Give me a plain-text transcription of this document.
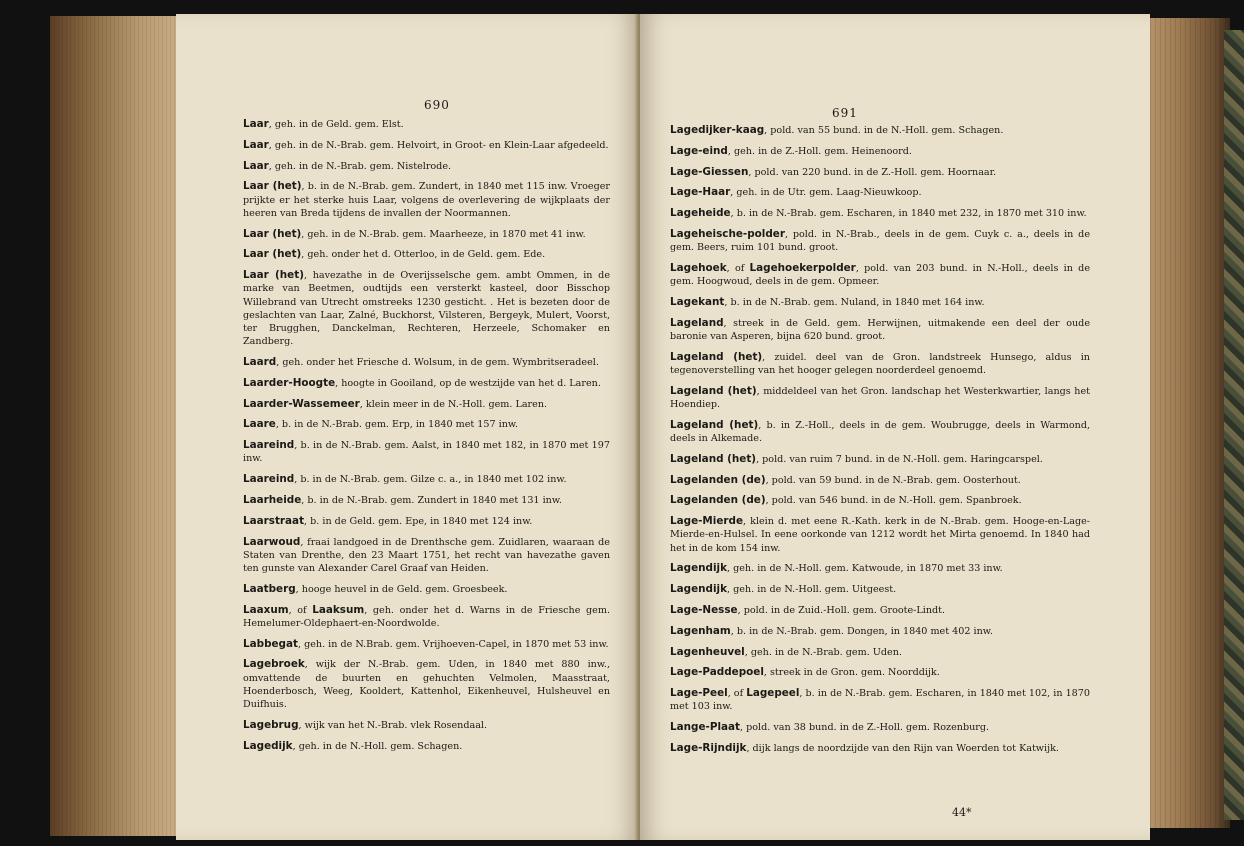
690

Laar, geh. in de Geld. gem. Elst.

Laar, geh. in de N.-Brab. gem. Helvoirt, in Groot- en Klein-Laar afgedeeld.

Laar, geh. in de N.-Brab. gem. Nistelrode.

Laar (het), b. in de N.-Brab. gem. Zundert, in 1840 met 115 inw. Vroeger prijkte er het sterke huis Laar, volgens de overlevering de wijkplaats der heeren van Breda tijdens de invallen der Noormannen.

Laar (het), geh. in de N.-Brab. gem. Maarheeze, in 1870 met 41 inw.

Laar (het), geh. onder het d. Otterloo, in de Geld. gem. Ede.

Laar (het), havezathe in de Overijsselsche gem. ambt Ommen, in de marke van Beetmen, oudtijds een versterkt kasteel, door Bisschop Willebrand van Utrecht omstreeks 1230 gesticht. . Het is bezeten door de geslachten van Laar, Zalné, Buckhorst, Vilsteren, Bergeyk, Mulert, Voorst, ter Brugghen, Danckelman, Rechteren, Herzeele, Schomaker en Zandberg.

Laard, geh. onder het Friesche d. Wolsum, in de gem. Wymbritseradeel.

Laarder-Hoogte, hoogte in Gooiland, op de westzijde van het d. Laren.

Laarder-Wassemeer, klein meer in de N.-Holl. gem. Laren.

Laare, b. in de N.-Brab. gem. Erp, in 1840 met 157 inw.

Laareind, b. in de N.-Brab. gem. Aalst, in 1840 met 182, in 1870 met 197 inw.

Laareind, b. in de N.-Brab. gem. Gilze c. a., in 1840 met 102 inw.

Laarheide, b. in de N.-Brab. gem. Zundert in 1840 met 131 inw.

Laarstraat, b. in de Geld. gem. Epe, in 1840 met 124 inw.

Laarwoud, fraai landgoed in de Drenthsche gem. Zuidlaren, waaraan de Staten van Drenthe, den 23 Maart 1751, het recht van havezathe gaven ten gunste van Alexander Carel Graaf van Heiden.

Laatberg, hooge heuvel in de Geld. gem. Groesbeek.

Laaxum, of Laaksum, geh. onder het d. Warns in de Friesche gem. Hemelumer-Oldephaert-en-Noordwolde.

Labbegat, geh. in de N.Brab. gem. Vrijhoeven-Capel, in 1870 met 53 inw.

Lagebroek, wijk der N.-Brab. gem. Uden, in 1840 met 880 inw., omvattende de buurten en gehuchten Velmolen, Maasstraat, Hoenderbosch, Weeg, Kooldert, Kattenhol, Eikenheuvel, Hulsheuvel en Duifhuis.

Lagebrug, wijk van het N.-Brab. vlek Rosendaal.

Lagedijk, geh. in de N.-Holl. gem. Schagen.

691

Lagedijker-kaag, pold. van 55 bund. in de N.-Holl. gem. Schagen.

Lage-eind, geh. in de Z.-Holl. gem. Heinenoord.

Lage-Giessen, pold. van 220 bund. in de Z.-Holl. gem. Hoornaar.

Lage-Haar, geh. in de Utr. gem. Laag-Nieuwkoop.

Lageheide, b. in de N.-Brab. gem. Escharen, in 1840 met 232, in 1870 met 310 inw.

Lageheische-polder, pold. in N.-Brab., deels in de gem. Cuyk c. a., deels in de gem. Beers, ruim 101 bund. groot.

Lagehoek, of Lagehoekerpolder, pold. van 203 bund. in N.-Holl., deels in de gem. Hoogwoud, deels in de gem. Opmeer.

Lagekant, b. in de N.-Brab. gem. Nuland, in 1840 met 164 inw.

Lageland, streek in de Geld. gem. Herwijnen, uitmakende een deel der oude baronie van Asperen, bijna 620 bund. groot.

Lageland (het), zuidel. deel van de Gron. landstreek Hunsego, aldus in tegenoverstelling van het hooger gelegen noorderdeel genoemd.

Lageland (het), middeldeel van het Gron. landschap het Westerkwartier, langs het Hoendiep.

Lageland (het), b. in Z.-Holl., deels in de gem. Woubrugge, deels in Warmond, deels in Alkemade.

Lageland (het), pold. van ruim 7 bund. in de N.-Holl. gem. Haringcarspel.

Lagelanden (de), pold. van 59 bund. in de N.-Brab. gem. Oosterhout.

Lagelanden (de), pold. van 546 bund. in de N.-Holl. gem. Spanbroek.

Lage-Mierde, klein d. met eene R.-Kath. kerk in de N.-Brab. gem. Hooge-en-Lage-Mierde-en-Hulsel. In eene oorkonde van 1212 wordt het Mirta genoemd. In 1840 had het in de kom 154 inw.

Lagendijk, geh. in de N.-Holl. gem. Katwoude, in 1870 met 33 inw.

Lagendijk, geh. in de N.-Holl. gem. Uitgeest.

Lage-Nesse, pold. in de Zuid.-Holl. gem. Groote-Lindt.

Lagenham, b. in de N.-Brab. gem. Dongen, in 1840 met 402 inw.

Lagenheuvel, geh. in de N.-Brab. gem. Uden.

Lage-Paddepoel, streek in de Gron. gem. Noorddijk.

Lage-Peel, of Lagepeel, b. in de N.-Brab. gem. Escharen, in 1840 met 102, in 1870 met 103 inw.

Lange-Plaat, pold. van 38 bund. in de Z.-Holl. gem. Rozenburg.

Lage-Rijndijk, dijk langs de noordzijde van den Rijn van Woerden tot Katwijk.

44*
